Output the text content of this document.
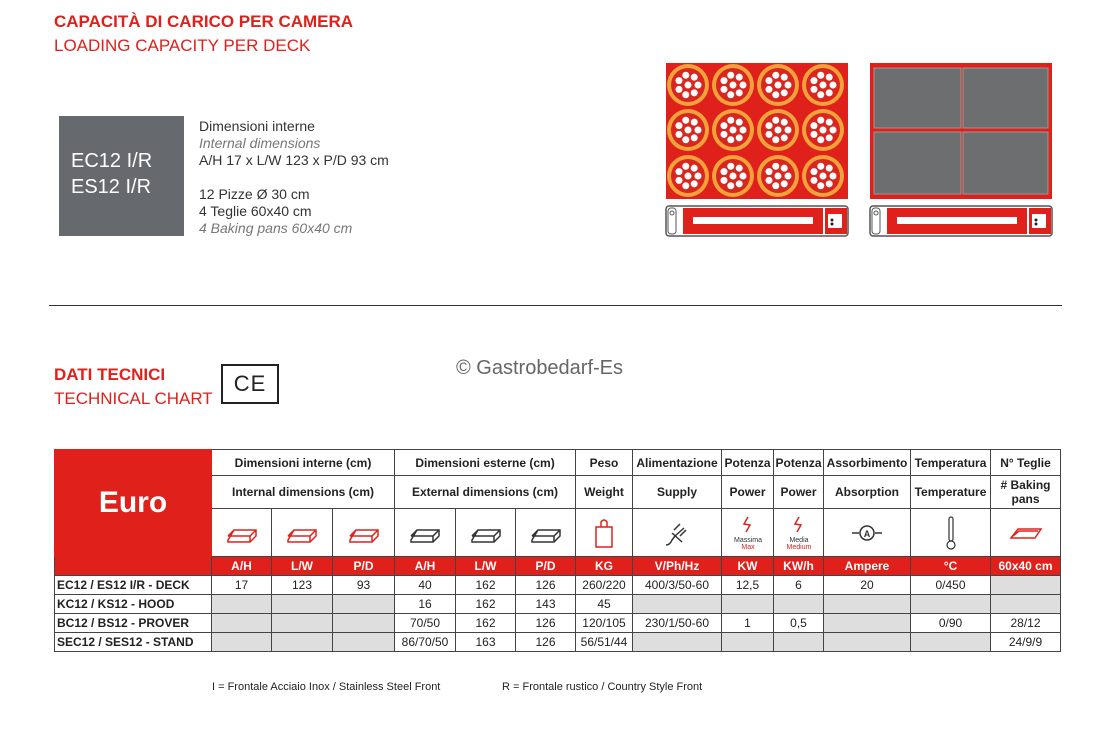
CAPACITÀ DI CARICO PER CAMERA
LOADING CAPACITY PER DECK
EC12 I/R
ES12 I/R
Dimensioni interne
Internal dimensions
A/H 17 x L/W 123 x P/D 93 cm
12 Pizze Ø 30 cm
4 Teglie 60x40 cm
4 Baking pans 60x40 cm
DATI TECNICI
TECHNICAL CHART
CE
© Gastrobedarf-Es
Euro	Dimensioni interne (cm)			Dimensioni esterne (cm)			Peso	Alimentazione	Potenza	Potenza	Assorbimento	Temperatura	N° Teglie
	Internal dimensions (cm)			External dimensions (cm)			Weight	Supply	Power	Power	Absorption	Temperature	# Baking pans

Massima
Max	Media
Medium	A

	A/H	L/W	P/D	A/H	L/W	P/D	KG	V/Ph/Hz	KW	KW/h	Ampere	°C	60x40 cm
EC12 / ES12 I/R - DECK	17	123	93	40	162	126	260/220	400/3/50-60	12,5	6	20	0/450	
KC12 / KS12 - HOOD				16	162	143	45						
BC12 / BS12 - PROVER				70/50	162	126	120/105	230/1/50-60	1	0,5		0/90	28/12
SEC12 / SES12 - STAND				86/70/50	163	126	56/51/44						24/9/9
I = Frontale Acciaio Inox / Stainless Steel Front	R = Frontale rustico / Country Style Front
